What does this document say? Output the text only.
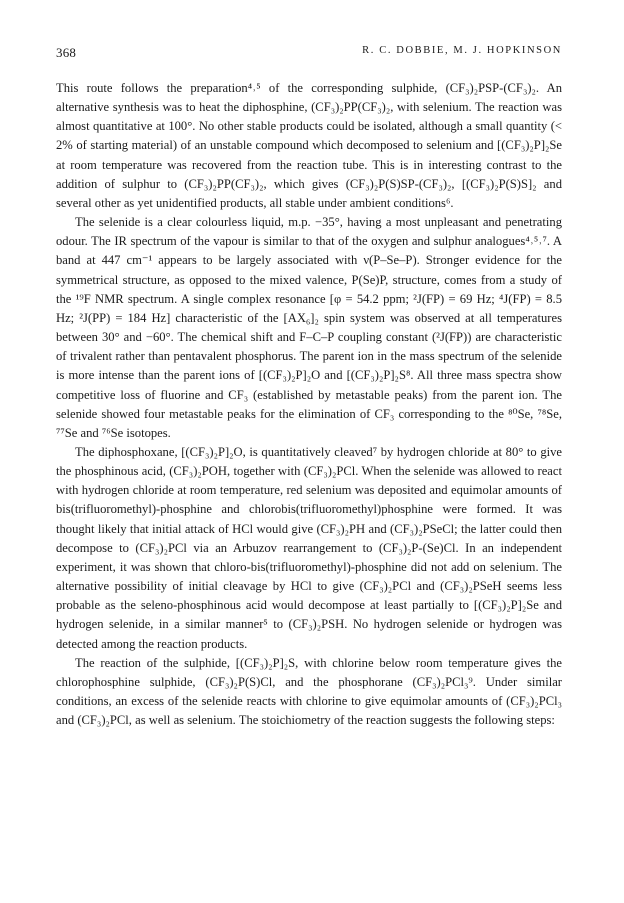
368	R. C. DOBBIE, M. J. HOPKINSON

This route follows the preparation⁴˒⁵ of the corresponding sulphide, (CF₃)₂PSP-(CF₃)₂. An alternative synthesis was to heat the diphosphine, (CF₃)₂PP(CF₃)₂, with selenium. The reaction was almost quantitative at 100°. No other stable products could be isolated, although a small quantity (< 2% of starting material) of an unstable compound which decomposed to selenium and [(CF₃)₂P]₂Se at room temperature was recovered from the reaction tube. This is in interesting contrast to the addition of sulphur to (CF₃)₂PP(CF₃)₂, which gives (CF₃)₂P(S)SP-(CF₃)₂, [(CF₃)₂P(S)S]₂ and several other as yet unidentified products, all stable under ambient conditions⁶.

The selenide is a clear colourless liquid, m.p. −35°, having a most unpleasant and penetrating odour. The IR spectrum of the vapour is similar to that of the oxygen and sulphur analogues⁴˒⁵˒⁷. A band at 447 cm⁻¹ appears to be largely associated with ν(P–Se–P). Stronger evidence for the symmetrical structure, as opposed to the mixed valence, P(Se)P, structure, comes from a study of the ¹⁹F NMR spectrum. A single complex resonance [φ = 54.2 ppm; ²J(FP) = 69 Hz; ⁴J(FP) = 8.5 Hz; ²J(PP) = 184 Hz] characteristic of the [AX₆]₂ spin system was observed at all temperatures between 30° and −60°. The chemical shift and F–C–P coupling constant (²J(FP)) are characteristic of trivalent rather than pentavalent phosphorus. The parent ion in the mass spectrum of the selenide is more intense than the parent ions of [(CF₃)₂P]₂O and [(CF₃)₂P]₂S⁸. All three mass spectra show competitive loss of fluorine and CF₃ (established by metastable peaks) from the parent ion. The selenide showed four metastable peaks for the elimination of CF₃ corresponding to the ⁸⁰Se, ⁷⁸Se, ⁷⁷Se and ⁷⁶Se isotopes.

The diphosphoxane, [(CF₃)₂P]₂O, is quantitatively cleaved⁷ by hydrogen chloride at 80° to give the phosphinous acid, (CF₃)₂POH, together with (CF₃)₂PCl. When the selenide was allowed to react with hydrogen chloride at room temperature, red selenium was deposited and equimolar amounts of bis(trifluoromethyl)-phosphine and chlorobis(trifluoromethyl)phosphine were formed. It was thought likely that initial attack of HCl would give (CF₃)₂PH and (CF₃)₂PSeCl; the latter could then decompose to (CF₃)₂PCl via an Arbuzov rearrangement to (CF₃)₂P-(Se)Cl. In an independent experiment, it was shown that chloro-bis(trifluoromethyl)-phosphine did not add on selenium. The alternative possibility of initial cleavage by HCl to give (CF₃)₂PCl and (CF₃)₂PSeH seems less probable as the seleno-phosphinous acid would decompose at least partially to [(CF₃)₂P]₂Se and hydrogen selenide, in a similar manner⁵ to (CF₃)₂PSH. No hydrogen selenide or hydrogen was detected among the reaction products.

The reaction of the sulphide, [(CF₃)₂P]₂S, with chlorine below room temperature gives the chlorophosphine sulphide, (CF₃)₂P(S)Cl, and the phosphorane (CF₃)₂PCl₃⁹. Under similar conditions, an excess of the selenide reacts with chlorine to give equimolar amounts of (CF₃)₂PCl₃ and (CF₃)₂PCl, as well as selenium. The stoichiometry of the reaction suggests the following steps:
